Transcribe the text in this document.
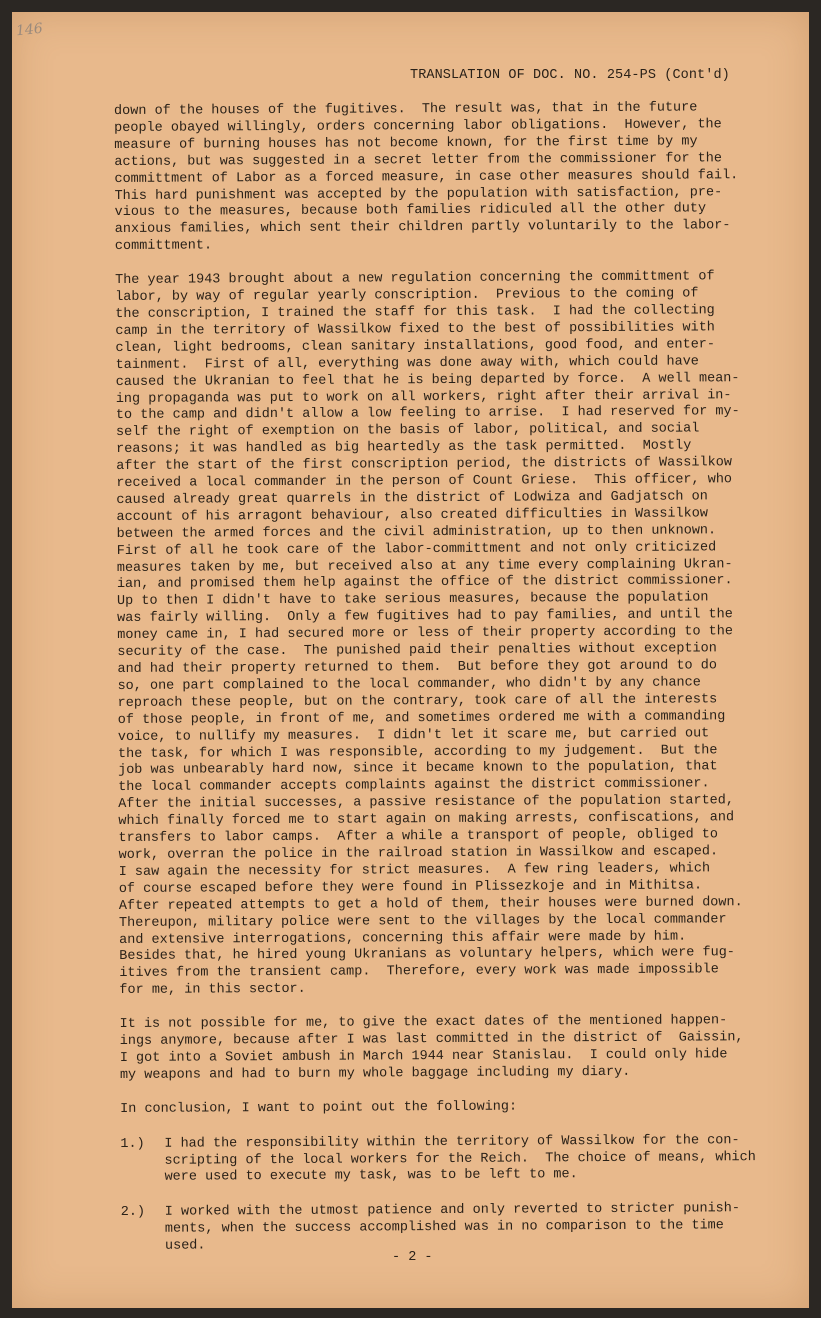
146
TRANSLATION OF DOC. NO. 254-PS (Cont'd)

down of the houses of the fugitives.  The result was, that in the future
people obayed willingly, orders concerning labor obligations.  However, the
measure of burning houses has not become known, for the first time by my
actions, but was suggested in a secret letter from the commissioner for the
committment of Labor as a forced measure, in case other measures should fail.
This hard punishment was accepted by the population with satisfaction, pre-
vious to the measures, because both families ridiculed all the other duty
anxious families, which sent their children partly voluntarily to the labor-
committment.

The year 1943 brought about a new regulation concerning the committment of
labor, by way of regular yearly conscription.  Previous to the coming of
the conscription, I trained the staff for this task.  I had the collecting
camp in the territory of Wassilkow fixed to the best of possibilities with
clean, light bedrooms, clean sanitary installations, good food, and enter-
tainment.  First of all, everything was done away with, which could have
caused the Ukranian to feel that he is being departed by force.  A well mean-
ing propaganda was put to work on all workers, right after their arrival in-
to the camp and didn't allow a low feeling to arrise.  I had reserved for my-
self the right of exemption on the basis of labor, political, and social
reasons; it was handled as big heartedly as the task permitted.  Mostly
after the start of the first conscription period, the districts of Wassilkow
received a local commander in the person of Count Griese.  This officer, who
caused already great quarrels in the district of Lodwiza and Gadjatsch on
account of his arragont behaviour, also created difficulties in Wassilkow
between the armed forces and the civil administration, up to then unknown.
First of all he took care of the labor-committment and not only criticized
measures taken by me, but received also at any time every complaining Ukran-
ian, and promised them help against the office of the district commissioner.
Up to then I didn't have to take serious measures, because the population
was fairly willing.  Only a few fugitives had to pay families, and until the
money came in, I had secured more or less of their property according to the
security of the case.  The punished paid their penalties without exception
and had their property returned to them.  But before they got around to do
so, one part complained to the local commander, who didn't by any chance
reproach these people, but on the contrary, took care of all the interests
of those people, in front of me, and sometimes ordered me with a commanding
voice, to nullify my measures.  I didn't let it scare me, but carried out
the task, for which I was responsible, according to my judgement.  But the
job was unbearably hard now, since it became known to the population, that
the local commander accepts complaints against the district commissioner.
After the initial successes, a passive resistance of the population started,
which finally forced me to start again on making arrests, confiscations, and
transfers to labor camps.  After a while a transport of people, obliged to
work, overran the police in the railroad station in Wassilkow and escaped.
I saw again the necessity for strict measures.  A few ring leaders, which
of course escaped before they were found in Plissezkoje and in Mithitsa.
After repeated attempts to get a hold of them, their houses were burned down.
Thereupon, military police were sent to the villages by the local commander
and extensive interrogations, concerning this affair were made by him.
Besides that, he hired young Ukranians as voluntary helpers, which were fug-
itives from the transient camp.  Therefore, every work was made impossible
for me, in this sector.

It is not possible for me, to give the exact dates of the mentioned happen-
ings anymore, because after I was last committed in the district of  Gaissin,
I got into a Soviet ambush in March 1944 near Stanislau.  I could only hide
my weapons and had to burn my whole baggage including my diary.

In conclusion, I want to point out the following:

1.)	I had the responsibility within the territory of Wassilkow for the con-
scripting of the local workers for the Reich.  The choice of means, which
were used to execute my task, was to be left to me.
2.)	I worked with the utmost patience and only reverted to stricter punish-
ments, when the success accomplished was in no comparison to the time
used.
- 2 -
